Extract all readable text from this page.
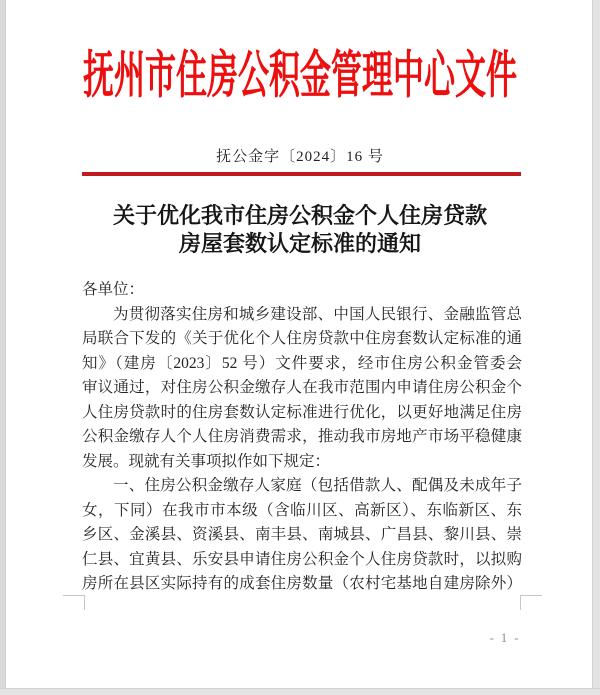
抚州市住房公积金管理中心文件
抚公金字〔2024〕16 号
关于优化我市住房公积金个人住房贷款
房屋套数认定标准的通知
各单位：
为贯彻落实住房和城乡建设部、中国人民银行、金融监管总
局联合下发的《关于优化个人住房贷款中住房套数认定标准的通
知》（建房〔2023〕52 号）文件要求，经市住房公积金管委会
审议通过，对住房公积金缴存人在我市范围内申请住房公积金个
人住房贷款时的住房套数认定标准进行优化，以更好地满足住房
公积金缴存人个人住房消费需求，推动我市房地产市场平稳健康
发展。现就有关事项拟作如下规定：
一、住房公积金缴存人家庭（包括借款人、配偶及未成年子
女，下同）在我市市本级（含临川区、高新区）、东临新区、东
乡区、金溪县、资溪县、南丰县、南城县、广昌县、黎川县、崇
仁县、宜黄县、乐安县申请住房公积金个人住房贷款时，以拟购
房所在县区实际持有的成套住房数量（农村宅基地自建房除外）
- 1 -
